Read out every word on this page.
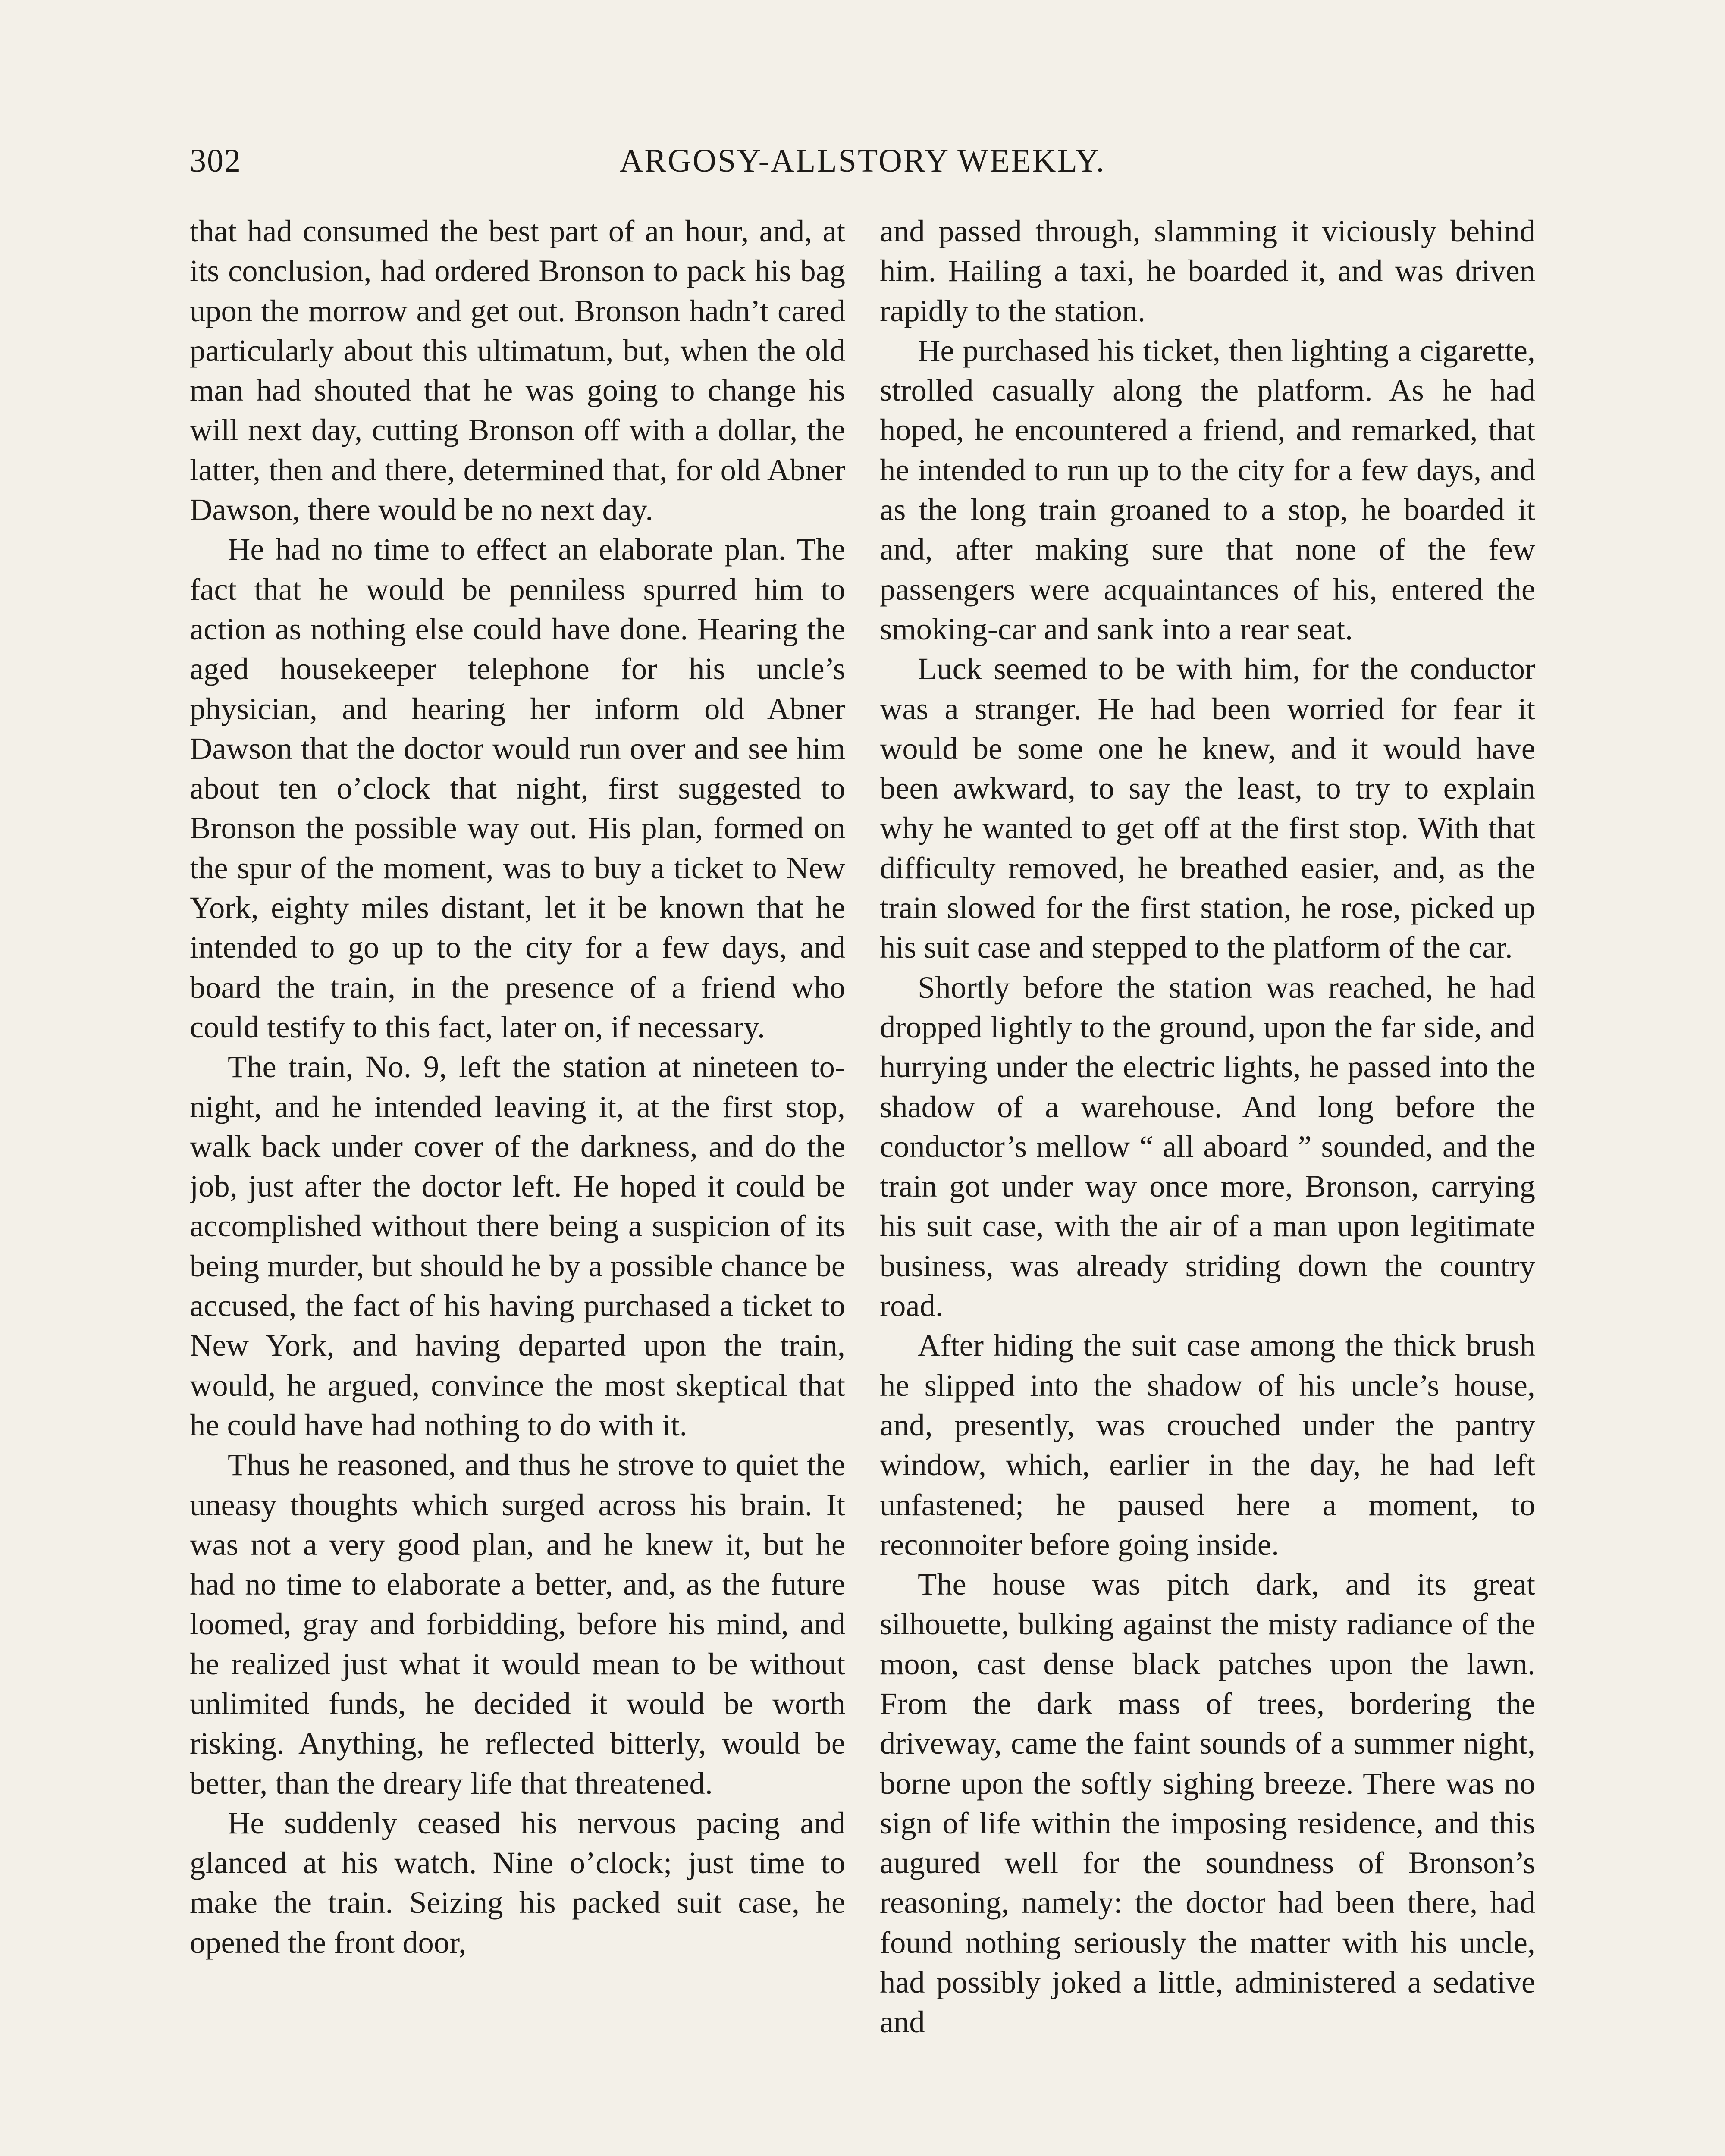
302	ARGOSY-ALLSTORY WEEKLY.

that had consumed the best part of an hour, and, at its conclusion, had ordered Bronson to pack his bag upon the morrow and get out. Bronson hadn’t cared particularly about this ultimatum, but, when the old man had shouted that he was going to change his will next day, cutting Bronson off with a dollar, the latter, then and there, determined that, for old Abner Dawson, there would be no next day.

He had no time to effect an elaborate plan. The fact that he would be penniless spurred him to action as nothing else could have done. Hearing the aged housekeeper telephone for his uncle’s physician, and hearing her inform old Abner Dawson that the doctor would run over and see him about ten o’clock that night, first suggested to Bronson the possible way out. His plan, formed on the spur of the moment, was to buy a ticket to New York, eighty miles distant, let it be known that he intended to go up to the city for a few days, and board the train, in the presence of a friend who could testify to this fact, later on, if necessary.

The train, No. 9, left the station at nineteen to-night, and he intended leaving it, at the first stop, walk back under cover of the darkness, and do the job, just after the doctor left. He hoped it could be accomplished without there being a suspicion of its being murder, but should he by a possible chance be accused, the fact of his having purchased a ticket to New York, and having departed upon the train, would, he argued, convince the most skeptical that he could have had nothing to do with it.

Thus he reasoned, and thus he strove to quiet the uneasy thoughts which surged across his brain. It was not a very good plan, and he knew it, but he had no time to elaborate a better, and, as the future loomed, gray and forbidding, before his mind, and he realized just what it would mean to be without unlimited funds, he decided it would be worth risking. Anything, he reflected bitterly, would be better, than the dreary life that threatened.

He suddenly ceased his nervous pacing and glanced at his watch. Nine o’clock; just time to make the train. Seizing his packed suit case, he opened the front door,

and passed through, slamming it viciously behind him. Hailing a taxi, he boarded it, and was driven rapidly to the station.

He purchased his ticket, then lighting a cigarette, strolled casually along the platform. As he had hoped, he encountered a friend, and remarked, that he intended to run up to the city for a few days, and as the long train groaned to a stop, he boarded it and, after making sure that none of the few passengers were acquaintances of his, entered the smoking-car and sank into a rear seat.

Luck seemed to be with him, for the conductor was a stranger. He had been worried for fear it would be some one he knew, and it would have been awkward, to say the least, to try to explain why he wanted to get off at the first stop. With that difficulty removed, he breathed easier, and, as the train slowed for the first station, he rose, picked up his suit case and stepped to the platform of the car.

Shortly before the station was reached, he had dropped lightly to the ground, upon the far side, and hurrying under the electric lights, he passed into the shadow of a warehouse. And long before the conductor’s mellow “ all aboard ” sounded, and the train got under way once more, Bronson, carrying his suit case, with the air of a man upon legitimate business, was already striding down the country road.

After hiding the suit case among the thick brush he slipped into the shadow of his uncle’s house, and, presently, was crouched under the pantry window, which, earlier in the day, he had left unfastened; he paused here a moment, to reconnoiter before going inside.

The house was pitch dark, and its great silhouette, bulking against the misty radiance of the moon, cast dense black patches upon the lawn. From the dark mass of trees, bordering the driveway, came the faint sounds of a summer night, borne upon the softly sighing breeze. There was no sign of life within the imposing residence, and this augured well for the soundness of Bronson’s reasoning, namely: the doctor had been there, had found nothing seriously the matter with his uncle, had possibly joked a little, administered a sedative and
